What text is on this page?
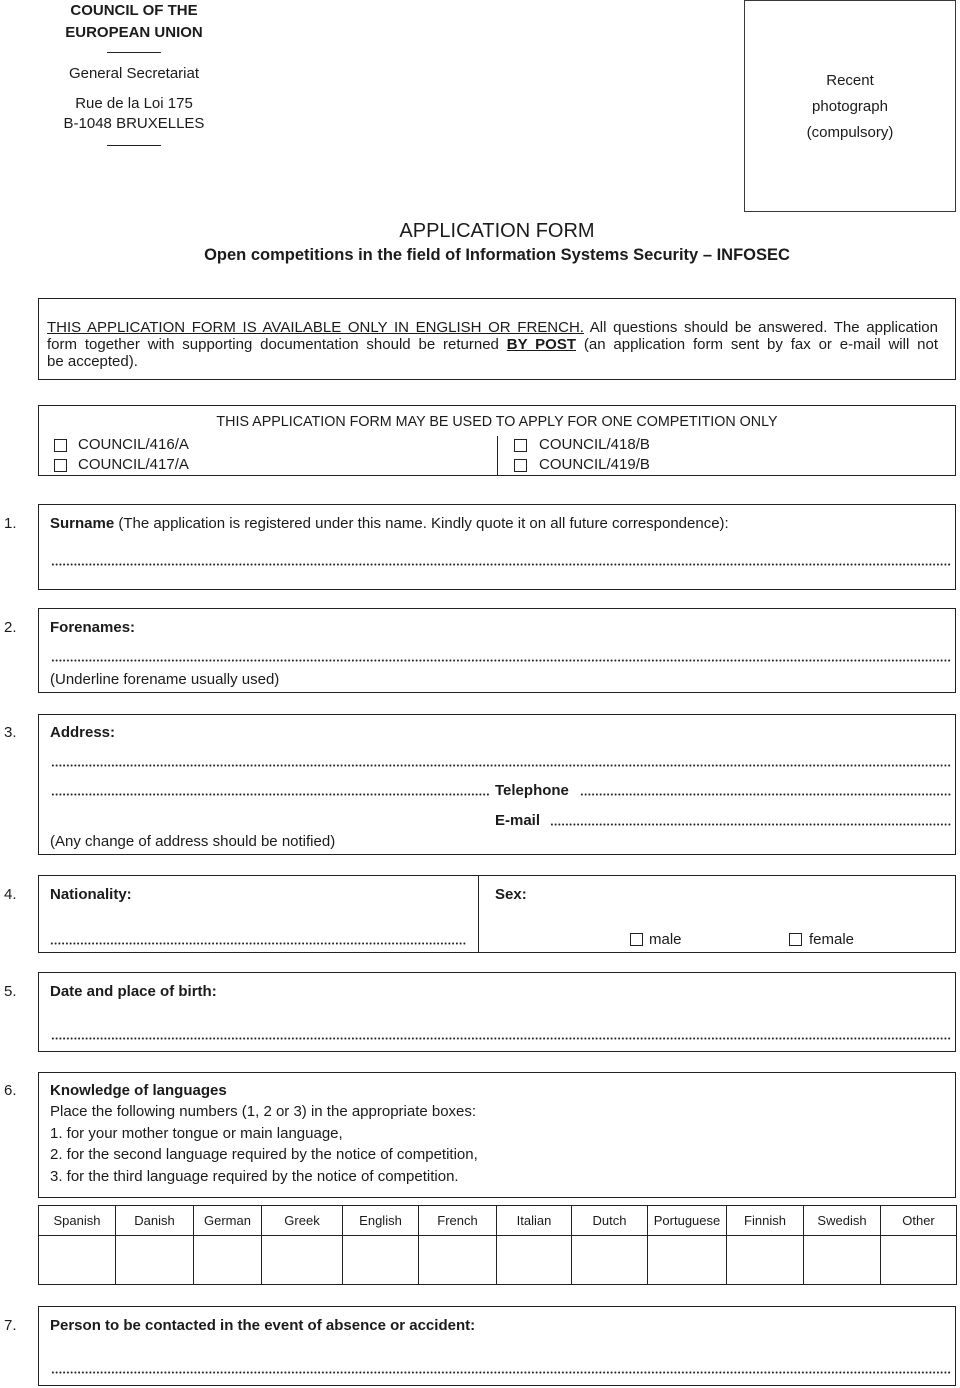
COUNCIL OF THE
EUROPEAN UNION
General Secretariat
Rue de la Loi 175
B-1048 BRUXELLES
Recent
photograph
(compulsory)
APPLICATION FORM
Open competitions in the field of Information Systems Security – INFOSEC
THIS APPLICATION FORM IS AVAILABLE ONLY IN ENGLISH OR FRENCH. All questions should be answered. The application
form together with supporting documentation should be returned BY POST (an application form sent by fax or e-mail will not
be accepted).
THIS APPLICATION FORM MAY BE USED TO APPLY FOR ONE COMPETITION ONLY
COUNCIL/416/A
COUNCIL/417/A
COUNCIL/418/B
COUNCIL/419/B
1. Surname (The application is registered under this name. Kindly quote it on all future correspondence):
2. Forenames:
(Underline forename usually used)
3. Address:
Telephone
E-mail
(Any change of address should be notified)
4. Nationality:	Sex:
male	female
5. Date and place of birth:
6. Knowledge of languages
Place the following numbers (1, 2 or 3) in the appropriate boxes:
1. for your mother tongue or main language,
2. for the second language required by the notice of competition,
3. for the third language required by the notice of competition.
Spanish	Danish	German	Greek	English	French	Italian	Dutch	Portuguese	Finnish	Swedish	Other

7. Person to be contacted in the event of absence or accident:
